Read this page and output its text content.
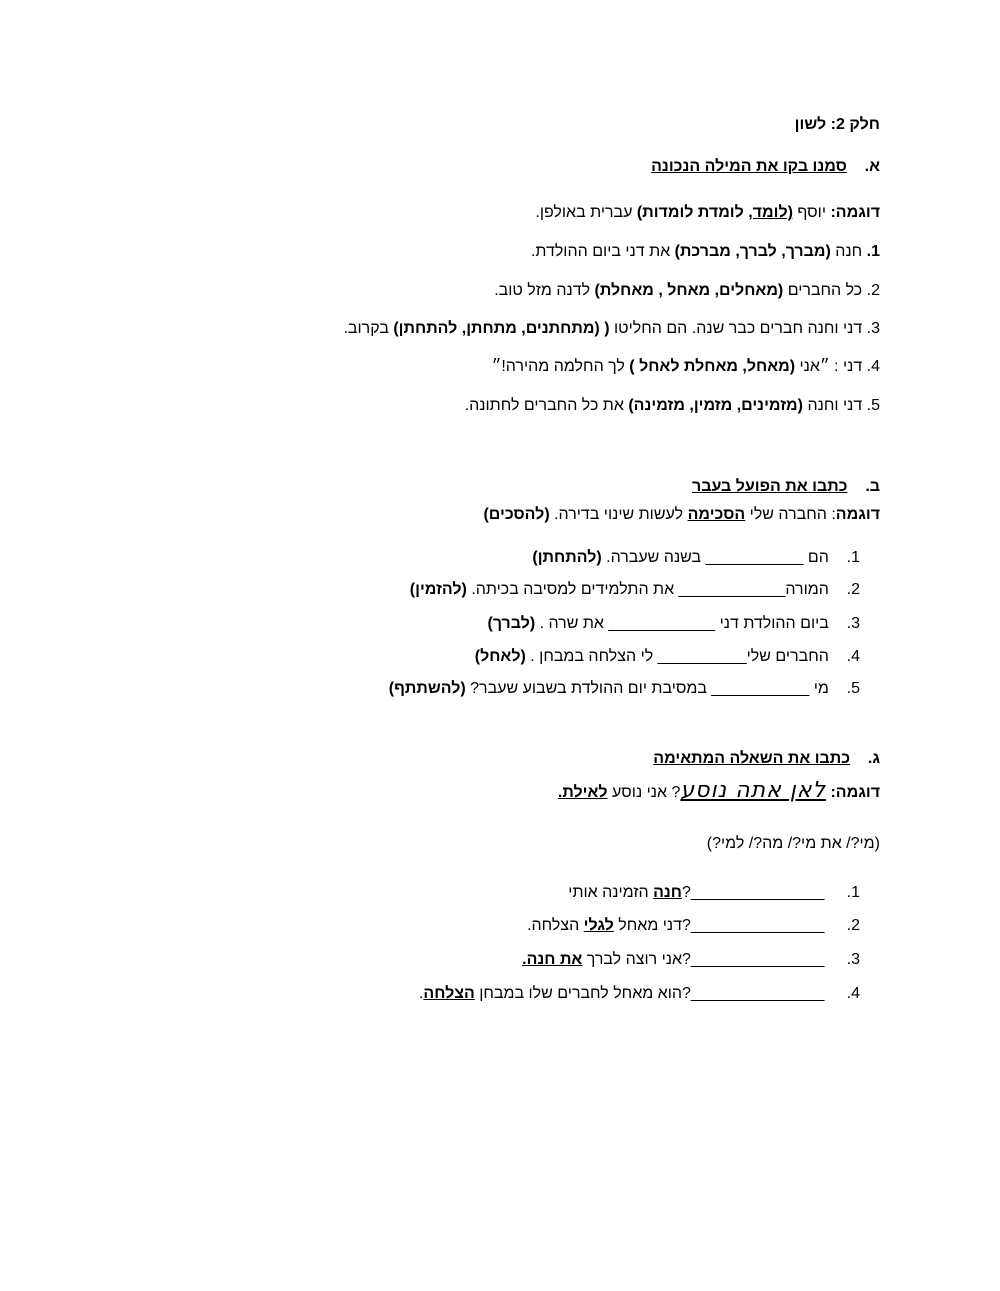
חלק 2: לשון
א.    סמנו בקו את המילה הנכונה
דוגמה: יוסף (לומד, לומדת לומדות) עברית באולפן.
1. חנה (מברך, לברך, מברכת) את דני ביום ההולדת.
2. כל החברים (מאחלים, מאחל , מאחלת) לדנה מזל טוב.
3. דני וחנה חברים כבר שנה. הם החליטו ( (מתחתנים, מתחתן, להתחתן) בקרוב.
4. דני : ״אני (מאחל, מאחלת לאחל ) לך החלמה מהירה!״
5. דני וחנה (מזמינים, מזמין, מזמינה) את כל החברים לחתונה.
ב.    כתבו את הפועל בעבר
דוגמה: החברה שלי הסכימה לעשות שינוי בדירה. (להסכים)
1.    הם ___________ בשנה שעברה. (להתחתן)
2.    המורה____________ את התלמידים למסיבה בכיתה. (להזמין)
3.    ביום ההולדת דני ____________ את שרה . (לברך)
4.    החברים שלי__________ לי הצלחה במבחן . (לאחל)
5.    מי ___________ במסיבת יום ההולדת בשבוע שעבר? (להשתתף)
ג.    כתבו את השאלה המתאימה
דוגמה: לאן אתה נוסע? אני נוסע לאילת.
(מי?/ את מי?/ מה?/ למי?)
1.     _______________?חנה הזמינה אותי
2.     _______________?דני מאחל לגלי הצלחה.
3.     _______________?אני רוצה לברך את חנה.
4.     _______________?הוא מאחל לחברים שלו במבחן הצלחה.
